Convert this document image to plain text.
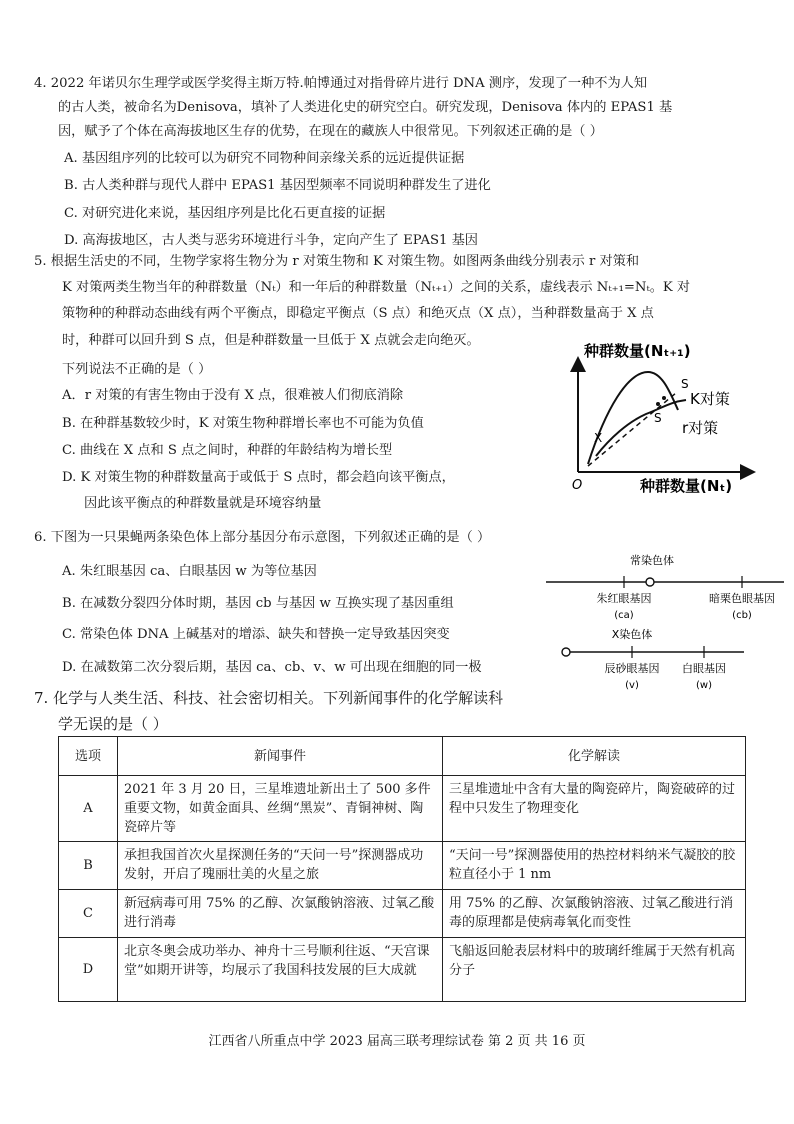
4. 2022 年诺贝尔生理学或医学奖得主斯万特.帕博通过对指骨碎片进行 DNA 测序，发现了一种不为人知
的古人类，被命名为Denisova，填补了人类进化史的研究空白。研究发现，Denisova 体内的 EPAS1 基
因，赋予了个体在高海拔地区生存的优势，在现在的藏族人中很常见。下列叙述正确的是（ ）
A. 基因组序列的比较可以为研究不同物种间亲缘关系的远近提供证据
B. 古人类种群与现代人群中 EPAS1 基因型频率不同说明种群发生了进化
C. 对研究进化来说，基因组序列是比化石更直接的证据
D. 高海拔地区，古人类与恶劣环境进行斗争，定向产生了 EPAS1 基因
5. 根据生活史的不同，生物学家将生物分为 r 对策生物和 K 对策生物。如图两条曲线分别表示 r 对策和
K 对策两类生物当年的种群数量（Nₜ）和一年后的种群数量（Nₜ₊₁）之间的关系，虚线表示 Nₜ₊₁=Nₜ。K 对
策物种的种群动态曲线有两个平衡点，即稳定平衡点（S 点）和绝灭点（X 点），当种群数量高于 X 点
时，种群可以回升到 S 点，但是种群数量一旦低于 X 点就会走向绝灭。
下列说法不正确的是（ ）
A．r 对策的有害生物由于没有 X 点，很难被人们彻底消除
B. 在种群基数较少时，K 对策生物种群增长率也不可能为负值
C. 曲线在 X 点和 S 点之间时，种群的年龄结构为增长型
D. K 对策生物的种群数量高于或低于 S 点时，都会趋向该平衡点，
因此该平衡点的种群数量就是环境容纳量
种群数量(Nₜ₊₁)
种群数量(Nₜ)
O
S
S
X
K对策
r对策
6. 下图为一只果蝇两条染色体上部分基因分布示意图，下列叙述正确的是（ ）
A. 朱红眼基因 ca、白眼基因 w 为等位基因
B. 在减数分裂四分体时期，基因 cb 与基因 w 互换实现了基因重组
C. 常染色体 DNA 上碱基对的增添、缺失和替换一定导致基因突变
D. 在减数第二次分裂后期，基因 ca、cb、v、w 可出现在细胞的同一极
常染色体
朱红眼基因
(ca)
暗栗色眼基因
(cb)
X染色体
辰砂眼基因
(v)
白眼基因
(w)
7. 化学与人类生活、科技、社会密切相关。下列新闻事件的化学解读科
学无误的是（ ）
选项	新闻事件	化学解读
A	2021 年 3 月 20 日，三星堆遗址新出土了 500 多件重要文物，如黄金面具、丝绸“黑炭”、青铜神树、陶瓷碎片等	三星堆遗址中含有大量的陶瓷碎片，陶瓷破碎的过程中只发生了物理变化
B	承担我国首次火星探测任务的“天问一号”探测器成功发射，开启了瑰丽壮美的火星之旅	“天问一号”探测器使用的热控材料纳米气凝胶的胶粒直径小于 1 nm
C	新冠病毒可用 75% 的乙醇、次氯酸钠溶液、过氧乙酸进行消毒	用 75% 的乙醇、次氯酸钠溶液、过氧乙酸进行消毒的原理都是使病毒氧化而变性
D	北京冬奥会成功举办、神舟十三号顺利往返、“天宫课堂”如期开讲等，均展示了我国科技发展的巨大成就	飞船返回舱表层材料中的玻璃纤维属于天然有机高分子
江西省八所重点中学 2023 届高三联考理综试卷 第 2 页 共 16 页
